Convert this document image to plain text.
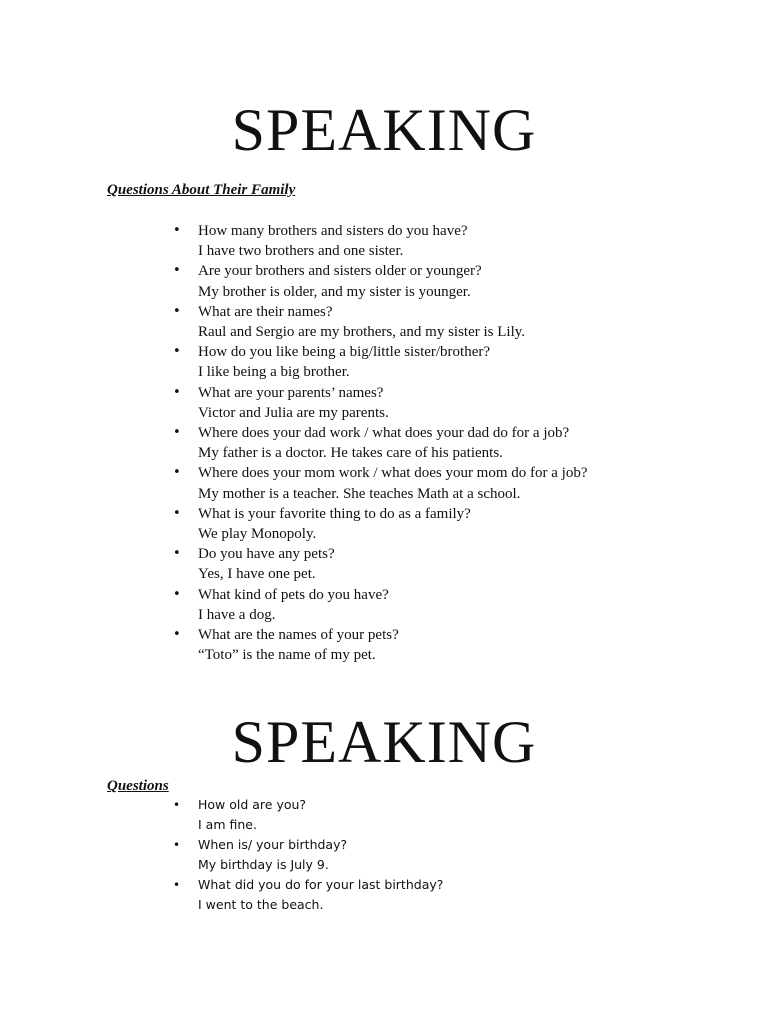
SPEAKING
Questions About Their Family
• How many brothers and sisters do you have?
I have two brothers and one sister.
• Are your brothers and sisters older or younger?
My brother is older, and my sister is younger.
• What are their names?
Raul and Sergio are my brothers, and my sister is Lily.
• How do you like being a big/little sister/brother?
I like being a big brother.
• What are your parents’ names?
Victor and Julia are my parents.
• Where does your dad work / what does your dad do for a job?
My father is a doctor. He takes care of his patients.
• Where does your mom work / what does your mom do for a job?
My mother is a teacher. She teaches Math at a school.
• What is your favorite thing to do as a family?
We play Monopoly.
• Do you have any pets?
Yes, I have one pet.
• What kind of pets do you have?
I have a dog.
• What are the names of your pets?
“Toto” is the name of my pet.
SPEAKING
Questions
• How old are you?
I am fine.
• When is/ your birthday?
My birthday is July 9.
• What did you do for your last birthday?
I went to the beach.
